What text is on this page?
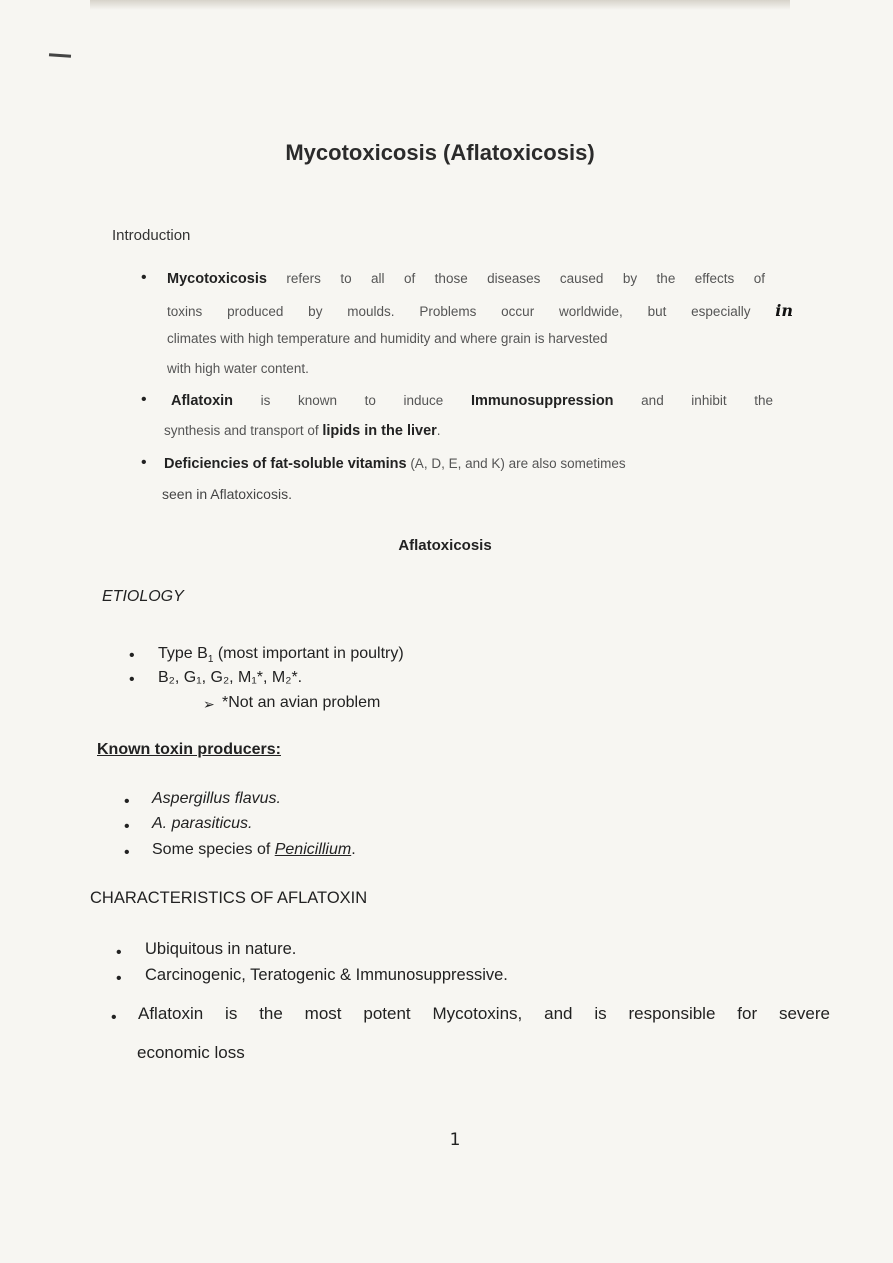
Mycotoxicosis (Aflatoxicosis)
Introduction
• Mycotoxicosis refers to all of those diseases caused by the effects of
toxins produced by moulds. Problems occur worldwide, but especially in
climates with high temperature and humidity and where grain is harvested
with high water content.
• Aflatoxin is known to induce Immunosuppression and inhibit the
synthesis and transport of lipids in the liver.
• Deficiencies of fat-soluble vitamins (A, D, E, and K) are also sometimes
seen in Aflatoxicosis.
Aflatoxicosis
ETIOLOGY
• Type $B_1$ (most important in poultry)
• B₂, G₁, G₂, M₁*, M₂*.
➢ *Not an avian problem
Known toxin producers:
• Aspergillus flavus.
• A. parasiticus.
• Some species of Penicillium.
CHARACTERISTICS OF AFLATOXIN
• Ubiquitous in nature.
• Carcinogenic, Teratogenic & Immunosuppressive.
• Aflatoxin is the most potent Mycotoxins, and is responsible for severe
economic loss
1
